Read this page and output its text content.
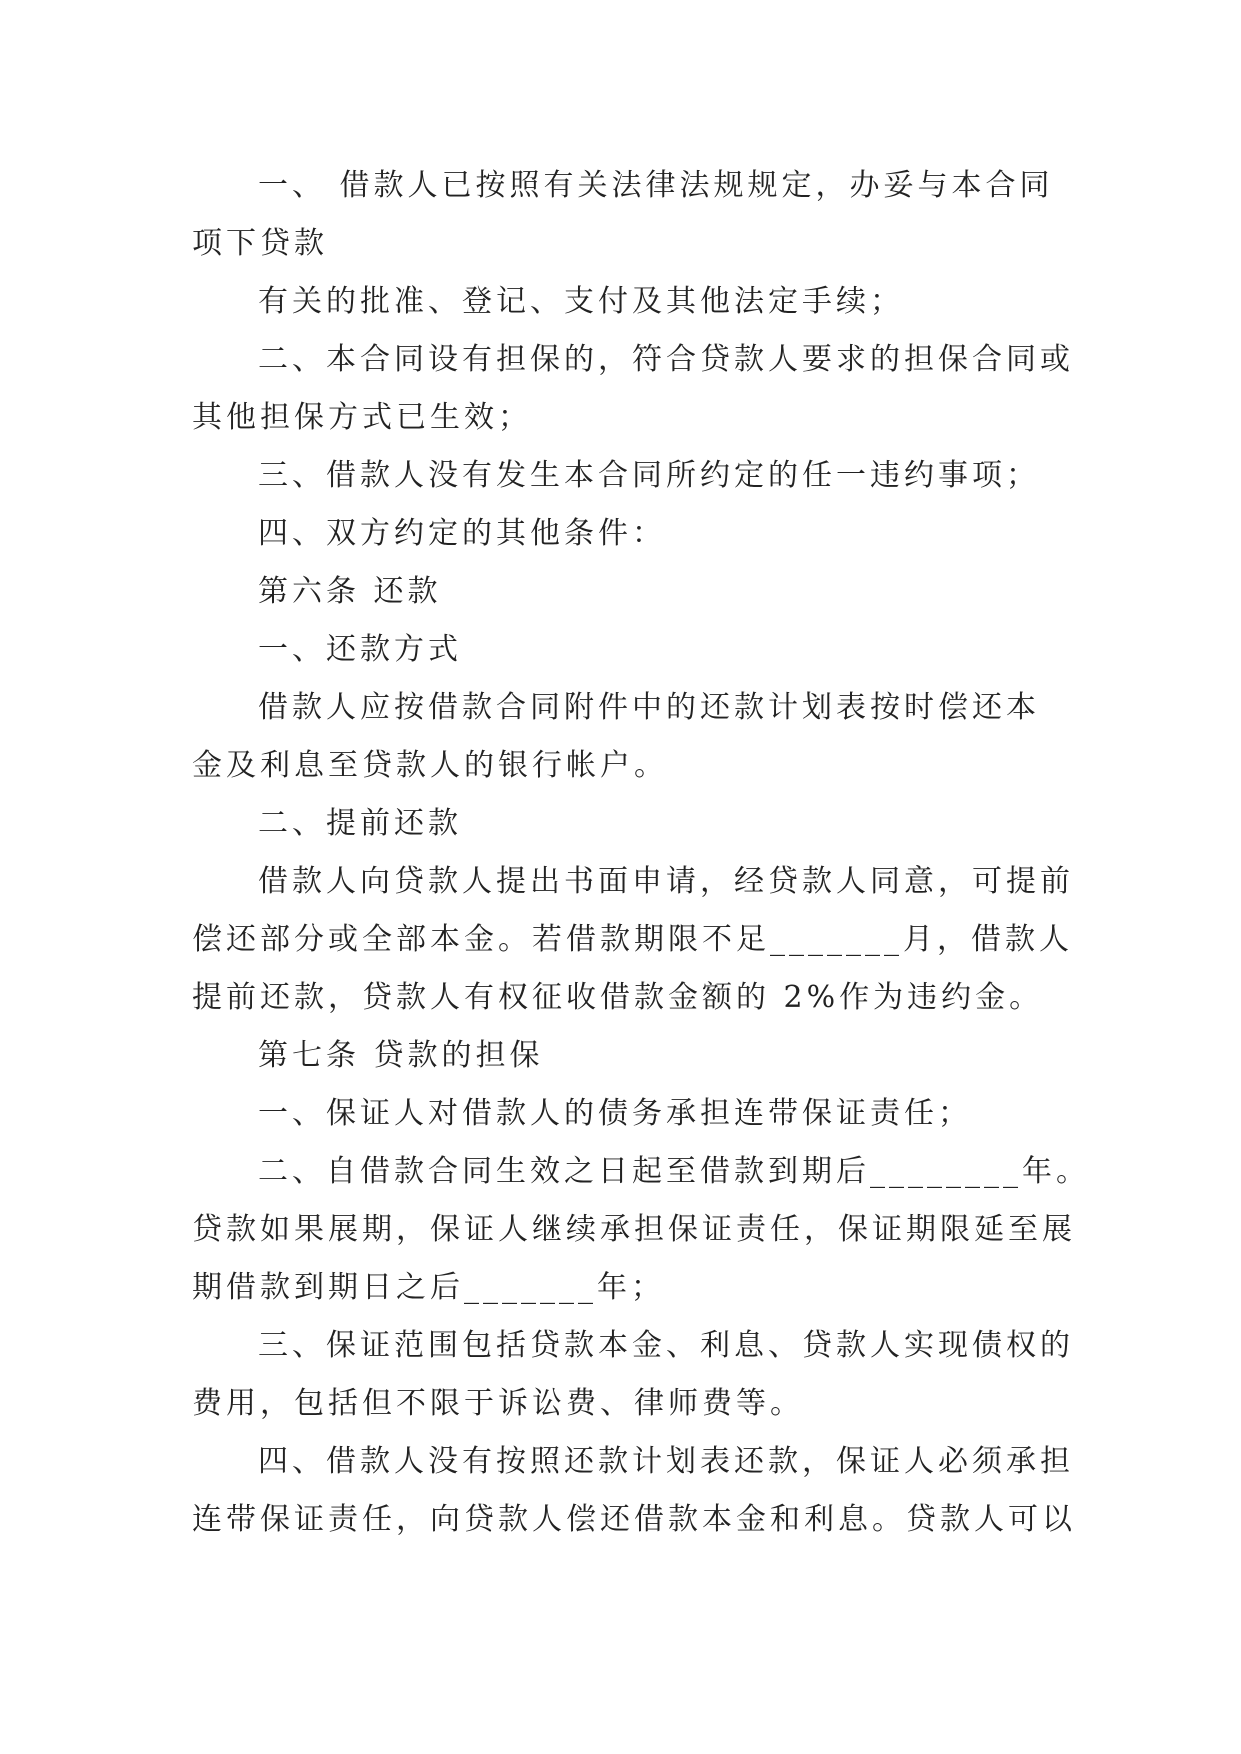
一、 借款人已按照有关法律法规规定，办妥与本合同
项下贷款
有关的批准、登记、支付及其他法定手续；
二、本合同设有担保的，符合贷款人要求的担保合同或
其他担保方式已生效；
三、借款人没有发生本合同所约定的任一违约事项；
四、双方约定的其他条件：
第六条 还款
一、还款方式
借款人应按借款合同附件中的还款计划表按时偿还本
金及利息至贷款人的银行帐户。
二、提前还款
借款人向贷款人提出书面申请，经贷款人同意，可提前
偿还部分或全部本金。若借款期限不足_______月，借款人
提前还款，贷款人有权征收借款金额的 2%作为违约金。
第七条 贷款的担保
一、保证人对借款人的债务承担连带保证责任；
二、自借款合同生效之日起至借款到期后________年。
贷款如果展期，保证人继续承担保证责任，保证期限延至展
期借款到期日之后_______年；
三、保证范围包括贷款本金、利息、贷款人实现债权的
费用，包括但不限于诉讼费、律师费等。
四、借款人没有按照还款计划表还款，保证人必须承担
连带保证责任，向贷款人偿还借款本金和利息。贷款人可以
